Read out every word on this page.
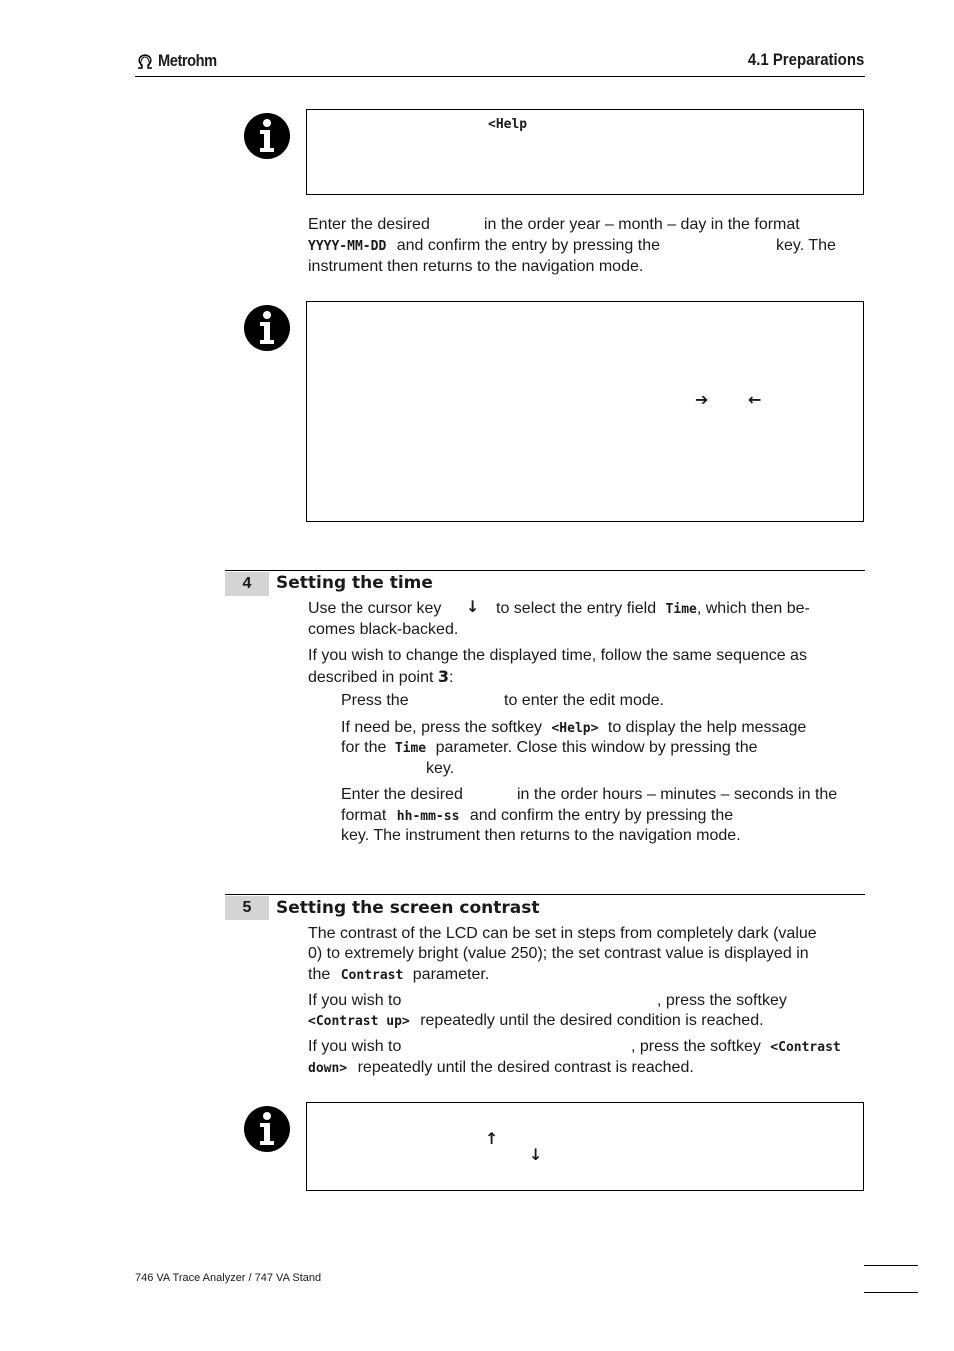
Metrohm	4.1 Preparations
<Help
Enter the desired	in the order year – month – day in the format
YYYY-MM-DD and confirm the entry by pressing the	key. The
instrument then returns to the navigation mode.
➔ ←
4	Setting the time
Use the cursor key ↓ to select the entry field Time, which then be-
comes black-backed.
If you wish to change the displayed time, follow the same sequence as
described in point 3:
Press the	to enter the edit mode.
If need be, press the softkey <Help> to display the help message
for the Time parameter. Close this window by pressing the
key.
Enter the desired	in the order hours – minutes – seconds in the
format hh-mm-ss and confirm the entry by pressing the
key. The instrument then returns to the navigation mode.
5	Setting the screen contrast
The contrast of the LCD can be set in steps from completely dark (value
0) to extremely bright (value 250); the set contrast value is displayed in
the Contrast parameter.
If you wish to	, press the softkey
<Contrast up> repeatedly until the desired condition is reached.
If you wish to	, press the softkey <Contrast
down> repeatedly until the desired contrast is reached.
↑
↓
746 VA Trace Analyzer / 747 VA Stand
